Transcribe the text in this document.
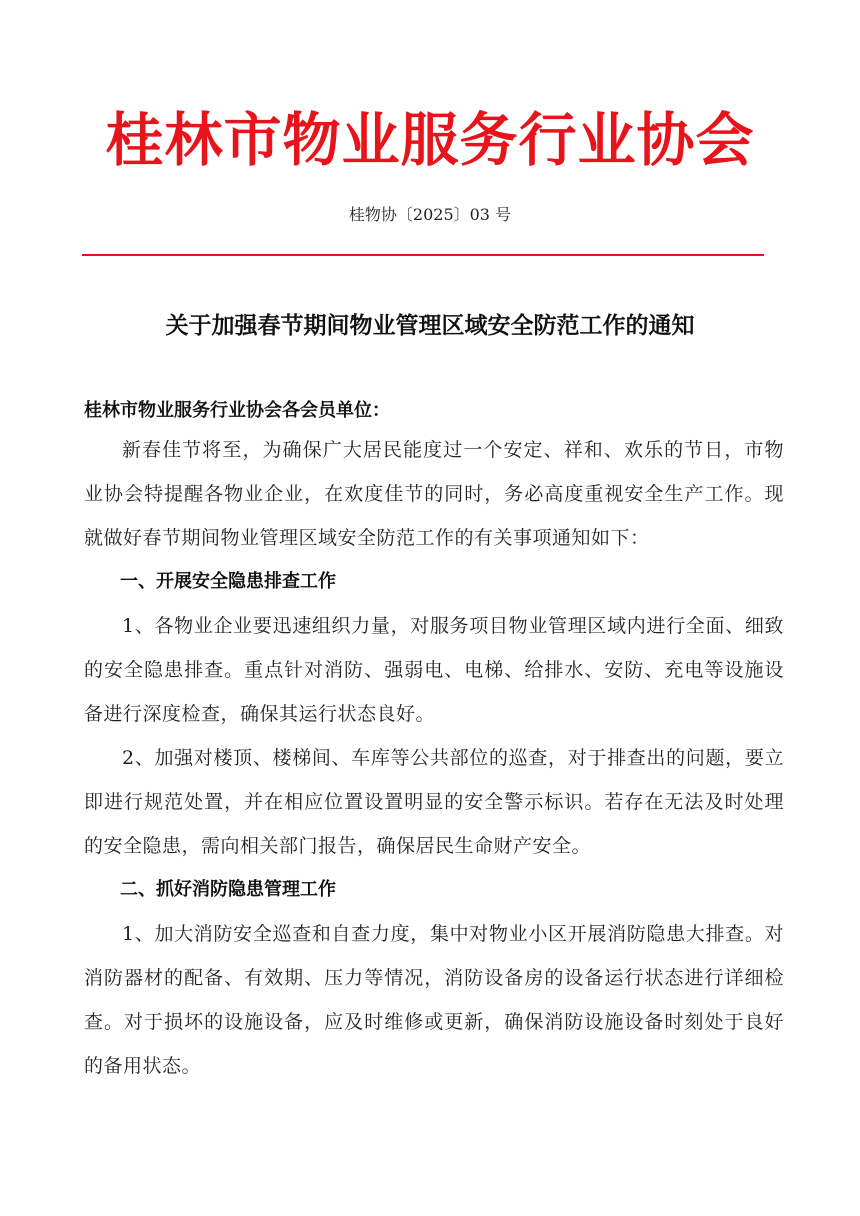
桂林市物业服务行业协会
桂物协〔2025〕03 号
关于加强春节期间物业管理区域安全防范工作的通知

桂林市物业服务行业协会各会员单位：

新春佳节将至，为确保广大居民能度过一个安定、祥和、欢乐的节日，市物业协会特提醒各物业企业，在欢度佳节的同时，务必高度重视安全生产工作。现就做好春节期间物业管理区域安全防范工作的有关事项通知如下：

一、开展安全隐患排查工作

1、各物业企业要迅速组织力量，对服务项目物业管理区域内进行全面、细致的安全隐患排查。重点针对消防、强弱电、电梯、给排水、安防、充电等设施设备进行深度检查，确保其运行状态良好。

2、加强对楼顶、楼梯间、车库等公共部位的巡查，对于排查出的问题，要立即进行规范处置，并在相应位置设置明显的安全警示标识。若存在无法及时处理的安全隐患，需向相关部门报告，确保居民生命财产安全。

二、抓好消防隐患管理工作

1、加大消防安全巡查和自查力度，集中对物业小区开展消防隐患大排查。对消防器材的配备、有效期、压力等情况，消防设备房的设备运行状态进行详细检查。对于损坏的设施设备，应及时维修或更新，确保消防设施设备时刻处于良好的备用状态。
